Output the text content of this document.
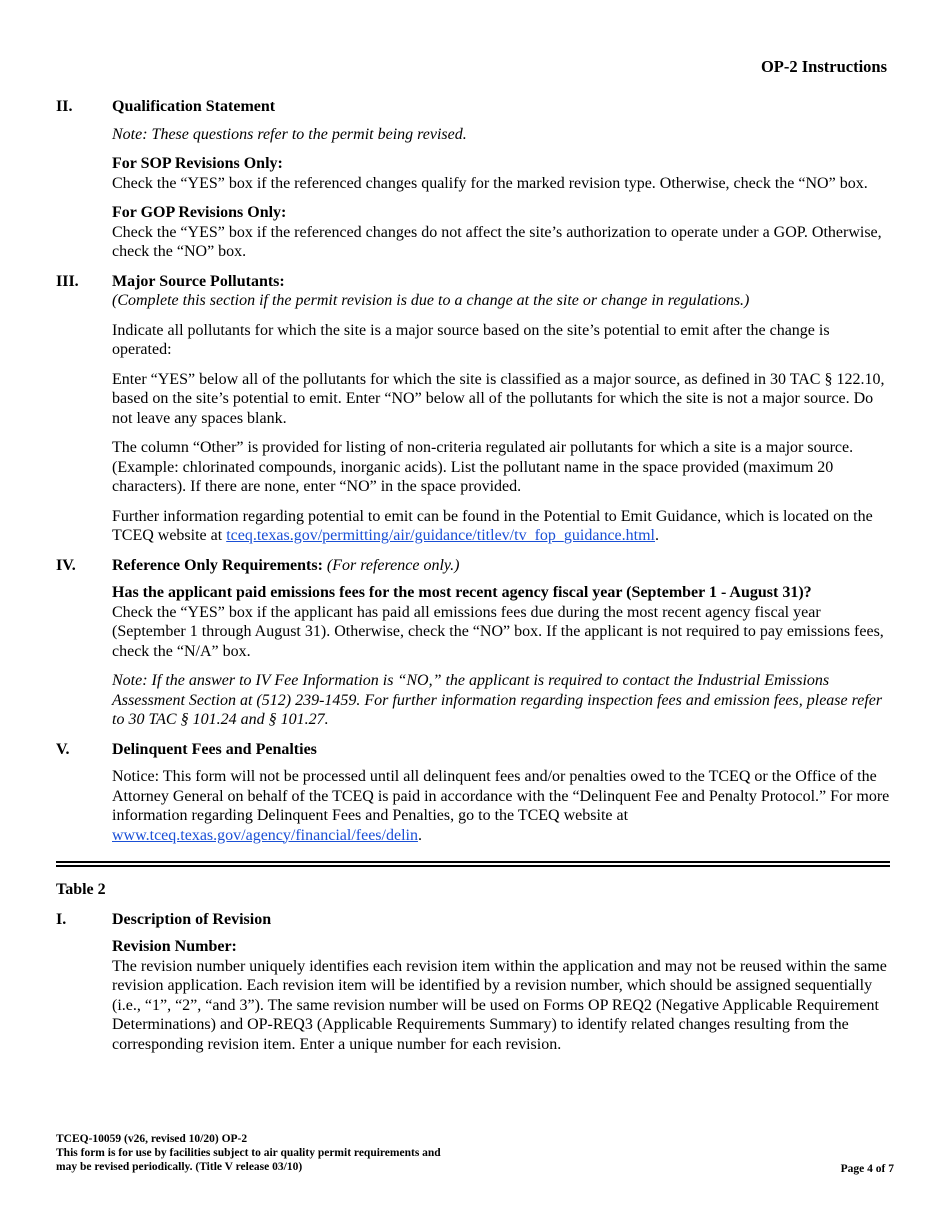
OP-2 Instructions
II. Qualification Statement

Note: These questions refer to the permit being revised.

For SOP Revisions Only:

Check the “YES” box if the referenced changes qualify for the marked revision type. Otherwise, check the “NO” box.

For GOP Revisions Only:

Check the “YES” box if the referenced changes do not affect the site’s authorization to operate under a GOP. Otherwise, check the “NO” box.

III. Major Source Pollutants:

(Complete this section if the permit revision is due to a change at the site or change in regulations.)

Indicate all pollutants for which the site is a major source based on the site’s potential to emit after the change is operated:

Enter “YES” below all of the pollutants for which the site is classified as a major source, as defined in 30 TAC § 122.10, based on the site’s potential to emit. Enter “NO” below all of the pollutants for which the site is not a major source. Do not leave any spaces blank.

The column “Other” is provided for listing of non-criteria regulated air pollutants for which a site is a major source. (Example: chlorinated compounds, inorganic acids). List the pollutant name in the space provided (maximum 20 characters). If there are none, enter “NO” in the space provided.

Further information regarding potential to emit can be found in the Potential to Emit Guidance, which is located on the TCEQ website at tceq.texas.gov/permitting/air/guidance/titlev/tv_fop_guidance.html.

IV. Reference Only Requirements: (For reference only.)

Has the applicant paid emissions fees for the most recent agency fiscal year (September 1 - August 31)?

Check the “YES” box if the applicant has paid all emissions fees due during the most recent agency fiscal year (September 1 through August 31). Otherwise, check the “NO” box. If the applicant is not required to pay emissions fees, check the “N/A” box.

Note: If the answer to IV Fee Information is “NO,” the applicant is required to contact the Industrial Emissions Assessment Section at (512) 239-1459. For further information regarding inspection fees and emission fees, please refer to 30 TAC § 101.24 and § 101.27.

V.	Delinquent Fees and Penalties

Notice: This form will not be processed until all delinquent fees and/or penalties owed to the TCEQ or the Office of the Attorney General on behalf of the TCEQ is paid in accordance with the “Delinquent Fee and Penalty Protocol.” For more information regarding Delinquent Fees and Penalties, go to the TCEQ website at www.tceq.texas.gov/agency/financial/fees/delin.

Table 2

I.	Description of Revision

Revision Number:

The revision number uniquely identifies each revision item within the application and may not be reused within the same revision application. Each revision item will be identified by a revision number, which should be assigned sequentially (i.e., “1”, “2”, “and 3”). The same revision number will be used on Forms OP REQ2 (Negative Applicable Requirement Determinations) and OP-REQ3 (Applicable Requirements Summary) to identify related changes resulting from the corresponding revision item. Enter a unique number for each revision.

TCEQ-10059 (v26, revised 10/20) OP-2
This form is for use by facilities subject to air quality permit requirements and
may be revised periodically. (Title V release 03/10)	Page 4 of 7
